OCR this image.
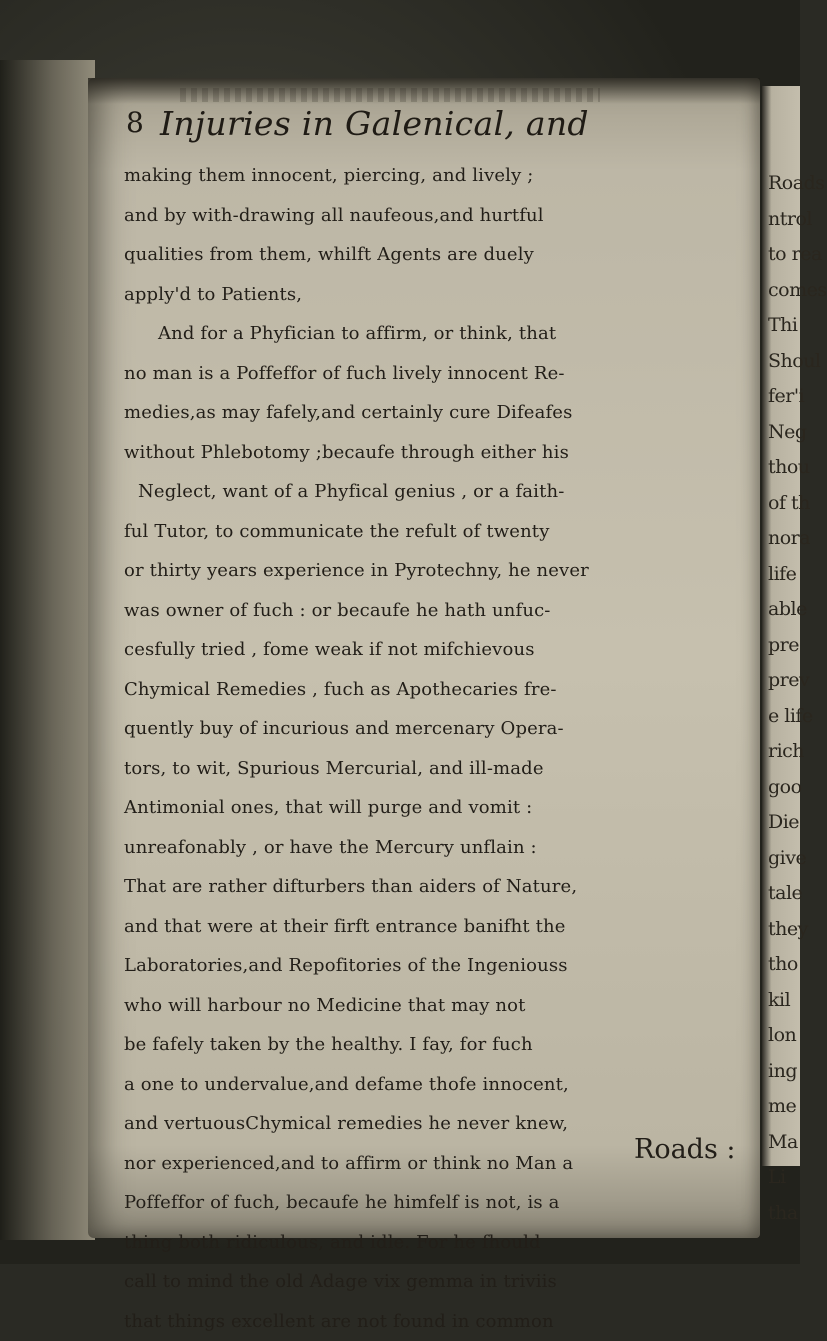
Roads
ntrol
to rea
comes
Thi
Shoul
fer'i
Neg
thou
of th
nora
life
able
pre
prev
e life
rich
goo
Die
give
tale
they
tho
kil
lon
ing
me
Ma
Li
tha
8 Injuries in Galenical, and
making them innocent, piercing, and lively ;
and by with-drawing all naufeous,and hurtful
qualities from them, whilft Agents are duely
apply'd to Patients,
And for a Phyfician to affirm, or think, that
no man is a Poffeffor of fuch lively innocent Re-
medies,as may fafely,and certainly cure Difeafes
without Phlebotomy ;becaufe through either his
Neglect, want of a Phyfical genius , or a faith-
ful Tutor, to communicate the refult of twenty
or thirty years experience in Pyrotechny, he never
was owner of fuch : or becaufe he hath unfuc-
cesfully tried , fome weak if not mifchievous
Chymical Remedies , fuch as Apothecaries fre-
quently buy of incurious and mercenary Opera-
tors, to wit, Spurious Mercurial, and ill-made
Antimonial ones, that will purge and vomit :
unreafonably , or have the Mercury unflain :
That are rather difturbers than aiders of Nature,
and that were at their firft entrance banifht the
Laboratories,and Repofitories of the Ingeniouss
who will harbour no Medicine that may not
be fafely taken by the healthy. I fay, for fuch
a one to undervalue,and defame thofe innocent,
and vertuousChymical remedies he never knew,
nor experienced,and to affirm or think no Man a
Poffeffor of fuch, becaufe he himfelf is not, is a
thing both ridiculous, and idle. For he fhould
call to mind the old Adage vix gemma in triviis
that things excellent are not found in common
Roads :
